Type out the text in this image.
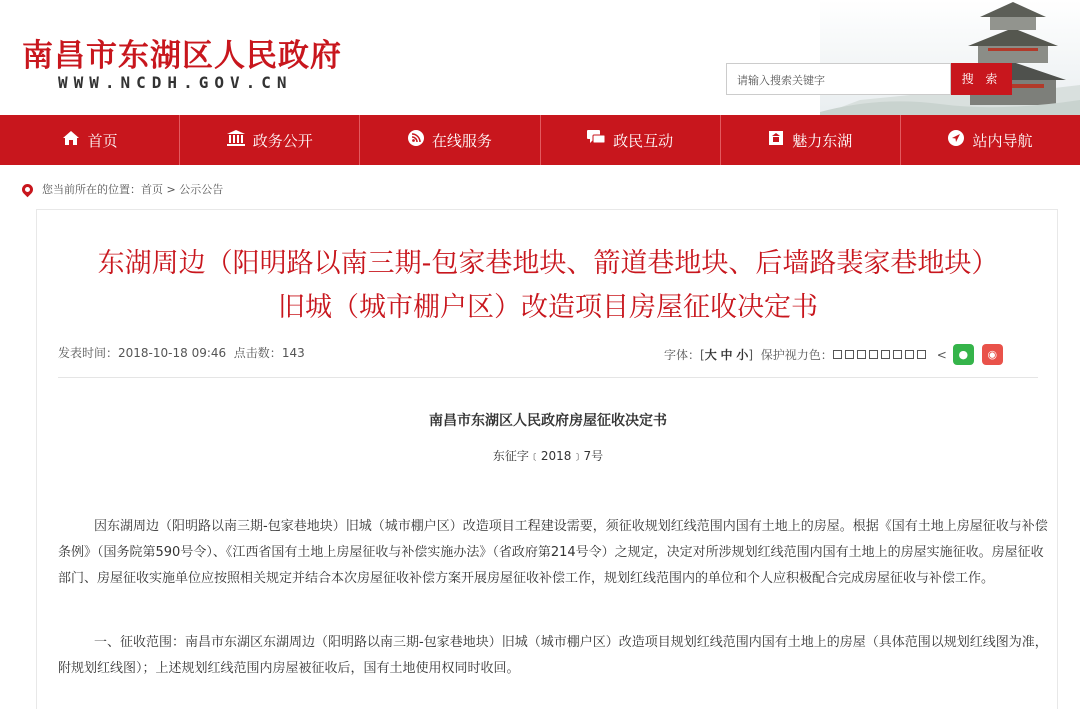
南昌市东湖区人民政府
WWW.NCDH.GOV.CN	请输入搜索关键字	搜 索
首页	政务公开	在线服务	政民互动	魅力东湖	站内导航
您当前所在的位置： 首页
>
公示公告
东湖周边（阳明路以南三期-包家巷地块、箭道巷地块、后墙路裴家巷地块）
旧城（城市棚户区）改造项目房屋征收决定书
发表时间：2018-10-18 09:46 点击数：143	字体：[ 大
中
小 ]
保护视力色：	<	●	◉
南昌市东湖区人民政府房屋征收决定书
东征字﹝2018﹞7号
因东湖周边（阳明路以南三期-包家巷地块）旧城（城市棚户区）改造项目工程建设需要，须征收规划红线范围内国有土地上的房屋。根据《国有土地上房屋征收与补偿条例》（国务院第590号令）、《江西省国有土地上房屋征收与补偿实施办法》（省政府第214号令）之规定，决定对所涉规划红线范围内国有土地上的房屋实施征收。房屋征收部门、房屋征收实施单位应按照相关规定并结合本次房屋征收补偿方案开展房屋征收补偿工作，规划红线范围内的单位和个人应积极配合完成房屋征收与补偿工作。
一、征收范围：南昌市东湖区东湖周边（阳明路以南三期-包家巷地块）旧城（城市棚户区）改造项目规划红线范围内国有土地上的房屋（具体范围以规划红线图为准，附规划红线图）；上述规划红线范围内房屋被征收后，国有土地使用权同时收回。
